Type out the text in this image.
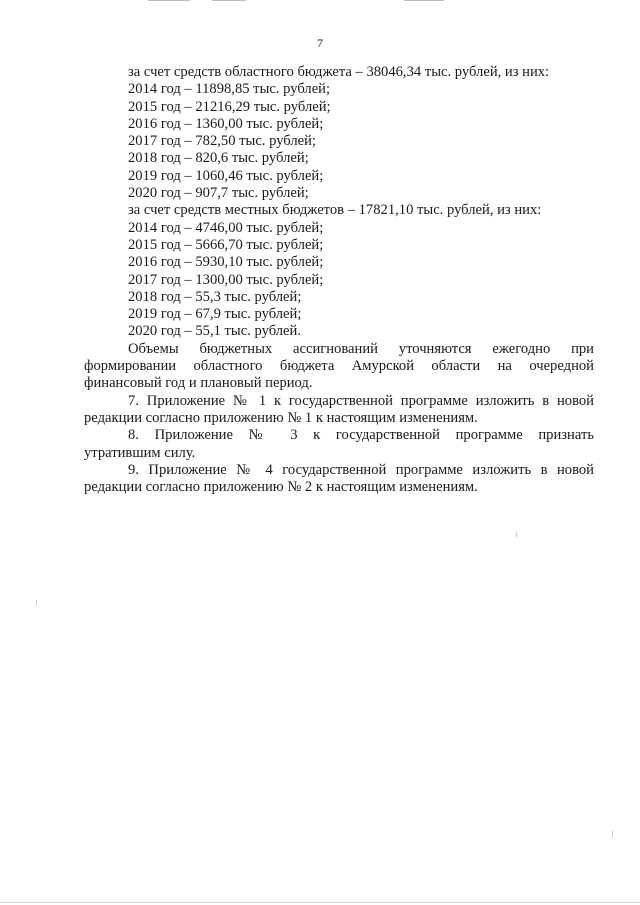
7
за счет средств областного бюджета – 38046,34 тыс. рублей, из них:
2014 год – 11898,85 тыс. рублей;
2015 год – 21216,29 тыс. рублей;
2016 год – 1360,00 тыс. рублей;
2017 год – 782,50 тыс. рублей;
2018 год – 820,6 тыс. рублей;
2019 год – 1060,46 тыс. рублей;
2020 год – 907,7 тыс. рублей;
за счет средств местных бюджетов – 17821,10 тыс. рублей, из них:
2014 год – 4746,00 тыс. рублей;
2015 год – 5666,70 тыс. рублей;
2016 год – 5930,10 тыс. рублей;
2017 год – 1300,00 тыс. рублей;
2018 год – 55,3 тыс. рублей;
2019 год – 67,9 тыс. рублей;
2020 год – 55,1 тыс. рублей.
Объемы бюджетных ассигнований уточняются ежегодно при
формировании областного бюджета Амурской области на очередной
финансовый год и плановый период.
7. Приложение № 1 к государственной программе изложить в новой
редакции согласно приложению № 1 к настоящим изменениям.
8. Приложение № 3 к государственной программе признать
утратившим силу.
9. Приложение № 4 государственной программе изложить в новой
редакции согласно приложению № 2 к настоящим изменениям.
